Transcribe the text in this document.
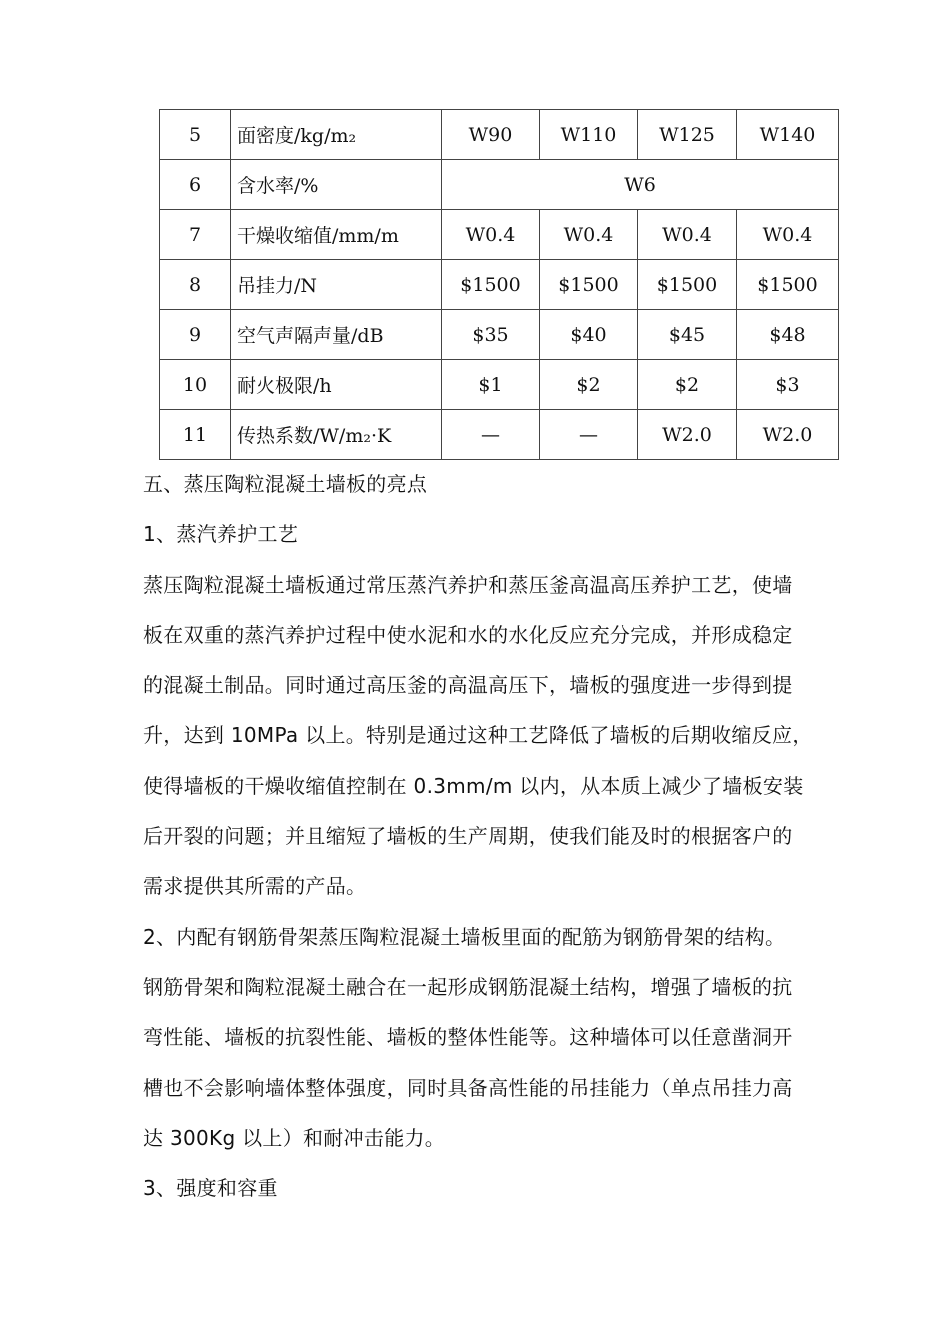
5	面密度/kg/m₂	W90	W110	W125	W140
6	含水率/%	W6			
7	干燥收缩值/mm/m	W0.4	W0.4	W0.4	W0.4
8	吊挂力/N	$1500	$1500	$1500	$1500
9	空气声隔声量/dB	$35	$40	$45	$48
10	耐火极限/h	$1	$2	$2	$3
11	传热系数/W/m₂·K	—	—	W2.0	W2.0

五、蒸压陶粒混凝土墙板的亮点

1、蒸汽养护工艺

蒸压陶粒混凝土墙板通过常压蒸汽养护和蒸压釜高温高压养护工艺，使墙

板在双重的蒸汽养护过程中使水泥和水的水化反应充分完成，并形成稳定

的混凝土制品。同时通过高压釜的高温高压下，墙板的强度进一步得到提

升，达到 10MPa 以上。特别是通过这种工艺降低了墙板的后期收缩反应，

使得墙板的干燥收缩值控制在 0.3mm/m 以内，从本质上减少了墙板安装

后开裂的问题；并且缩短了墙板的生产周期，使我们能及时的根据客户的

需求提供其所需的产品。

2、内配有钢筋骨架蒸压陶粒混凝土墙板里面的配筋为钢筋骨架的结构。

钢筋骨架和陶粒混凝土融合在一起形成钢筋混凝土结构，增强了墙板的抗

弯性能、墙板的抗裂性能、墙板的整体性能等。这种墙体可以任意凿洞开

槽也不会影响墙体整体强度，同时具备高性能的吊挂能力（单点吊挂力高

达 300Kg 以上）和耐冲击能力。

3、强度和容重
